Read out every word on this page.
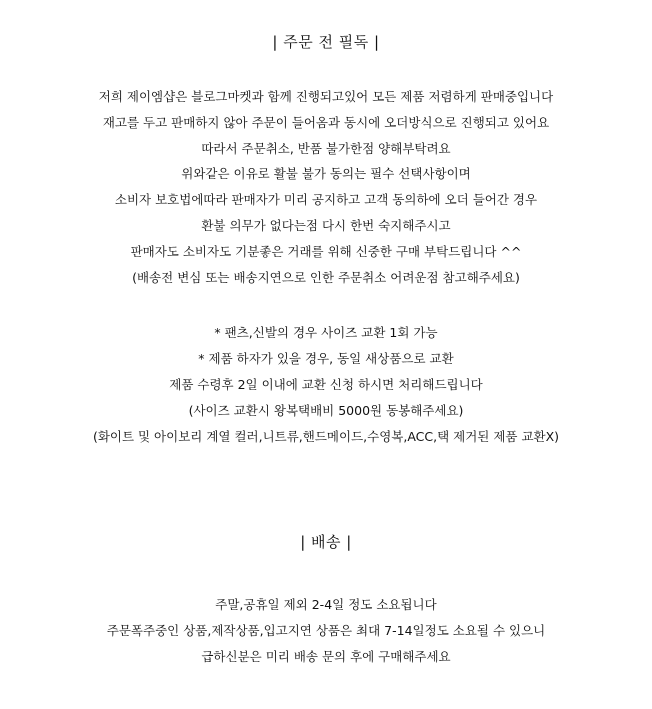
| 주문 전 필독 |
저희 제이엠샵은 블로그마켓과 함께 진행되고있어 모든 제품 저렴하게 판매중입니다
재고를 두고 판매하지 않아 주문이 들어옴과 동시에 오더방식으로 진행되고 있어요
따라서 주문취소, 반품 불가한점 양해부탁려요
위와같은 이유로 활불 불가 동의는 필수 선택사항이며
소비자 보호법에따라 판매자가 미리 공지하고 고객 동의하에 오더 들어간 경우
환불 의무가 없다는점 다시 한번 숙지해주시고
판매자도 소비자도 기분좋은 거래를 위해 신중한 구매 부탁드립니다 ^^
(배송전 변심 또는 배송지연으로 인한 주문취소 어려운점 참고해주세요)
* 팬츠,신발의 경우 사이즈 교환 1회 가능
* 제품 하자가 있을 경우, 동일 새상품으로 교환
제품 수령후 2일 이내에 교환 신청 하시면 처리해드립니다
(사이즈 교환시 왕복택배비 5000원 동봉해주세요)
(화이트 및 아이보리 계열 컬러,니트류,핸드메이드,수영복,ACC,택 제거된 제품 교환X)
| 배송 |
주말,공휴일 제외 2-4일 정도 소요됩니다
주문폭주중인 상품,제작상품,입고지연 상품은 최대 7-14일정도 소요될 수 있으니
급하신분은 미리 배송 문의 후에 구매해주세요
